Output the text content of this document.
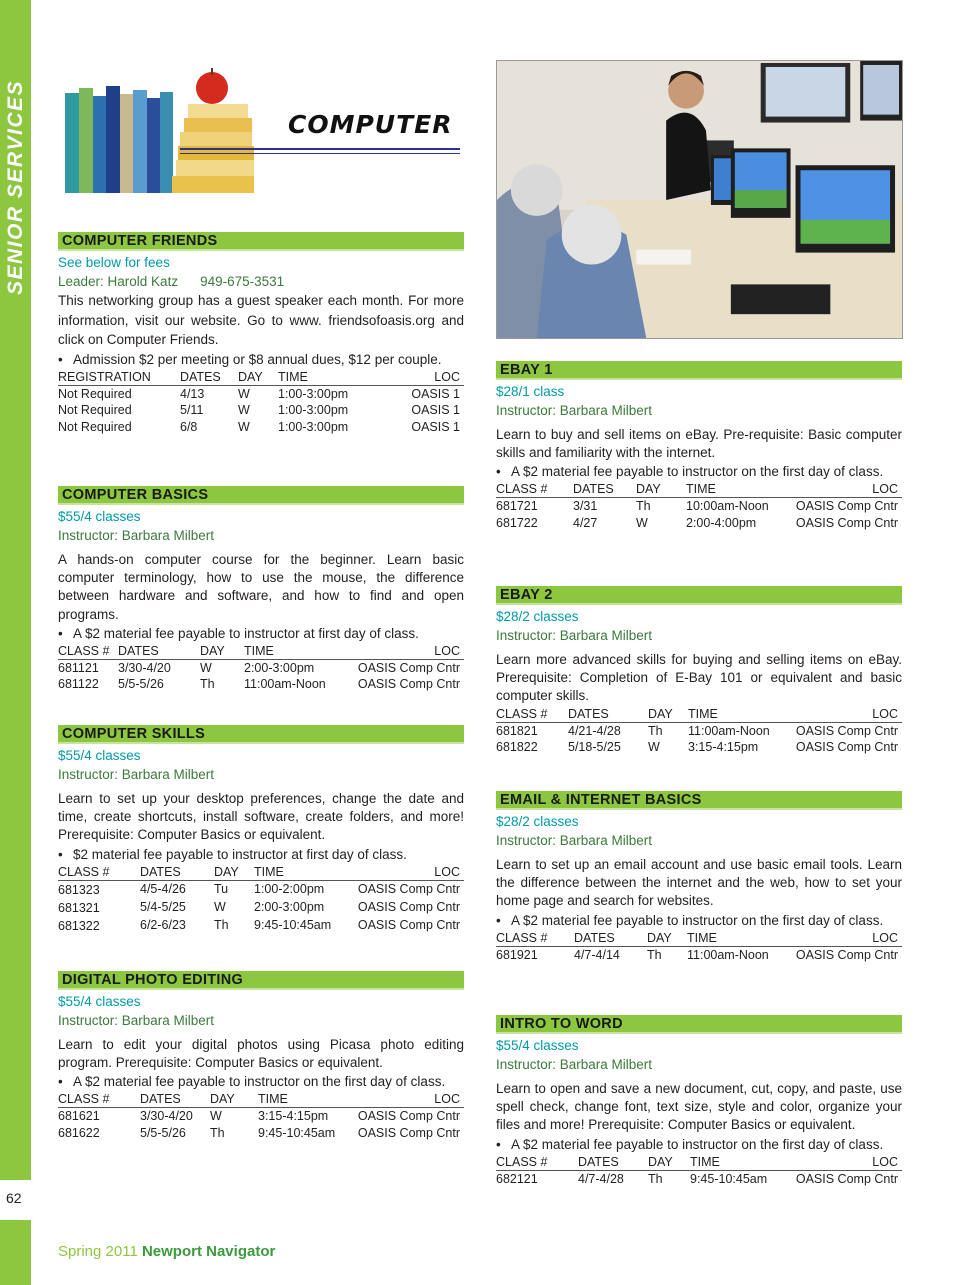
SENIOR SERVICES
62
COMPUTER
COMPUTER FRIENDS
See below for fees
Leader: Harold Katz 949-675-3531
This networking group has a guest speaker each month. For more information, visit our website. Go to www. friendsofoasis.org and click on Computer Friends.
• Admission $2 per meeting or $8 annual dues, $12 per couple.
REGISTRATION	DATES	DAY	TIME	LOC
Not Required	4/13	W	1:00-3:00pm	OASIS 1
Not Required	5/11	W	1:00-3:00pm	OASIS 1
Not Required	6/8	W	1:00-3:00pm	OASIS 1
COMPUTER BASICS
$55/4 classes
Instructor: Barbara Milbert
A hands-on computer course for the beginner. Learn basic computer terminology, how to use the mouse, the difference between hardware and software, and how to find and open programs.
• A $2 material fee payable to instructor at first day of class.
CLASS #	DATES	DAY	TIME	LOC
681121	3/30-4/20	W	2:00-3:00pm	OASIS Comp Cntr
681122	5/5-5/26	Th	11:00am-Noon	OASIS Comp Cntr
COMPUTER SKILLS
$55/4 classes
Instructor: Barbara Milbert
Learn to set up your desktop preferences, change the date and time, create shortcuts, install software, create folders, and more! Prerequisite: Computer Basics or equivalent.
• $2 material fee payable to instructor at first day of class.
CLASS #	DATES	DAY	TIME	LOC
681323	4/5-4/26	Tu	1:00-2:00pm	OASIS Comp Cntr
681321	5/4-5/25	W	2:00-3:00pm	OASIS Comp Cntr
681322	6/2-6/23	Th	9:45-10:45am	OASIS Comp Cntr
DIGITAL PHOTO EDITING
$55/4 classes
Instructor: Barbara Milbert
Learn to edit your digital photos using Picasa photo editing program. Prerequisite: Computer Basics or equivalent.
• A $2 material fee payable to instructor on the first day of class.
CLASS #	DATES	DAY	TIME	LOC
681621	3/30-4/20	W	3:15-4:15pm	OASIS Comp Cntr
681622	5/5-5/26	Th	9:45-10:45am	OASIS Comp Cntr
EBAY 1
$28/1 class
Instructor: Barbara Milbert
Learn to buy and sell items on eBay. Pre-requisite: Basic computer skills and familiarity with the internet.
• A $2 material fee payable to instructor on the first day of class.
CLASS #	DATES	DAY	TIME	LOC
681721	3/31	Th	10:00am-Noon	OASIS Comp Cntr
681722	4/27	W	2:00-4:00pm	OASIS Comp Cntr
EBAY 2
$28/2 classes
Instructor: Barbara Milbert
Learn more advanced skills for buying and selling items on eBay. Prerequisite: Completion of E-Bay 101 or equivalent and basic computer skills.
CLASS #	DATES	DAY	TIME	LOC
681821	4/21-4/28	Th	11:00am-Noon	OASIS Comp Cntr
681822	5/18-5/25	W	3:15-4:15pm	OASIS Comp Cntr
EMAIL & INTERNET BASICS
$28/2 classes
Instructor: Barbara Milbert
Learn to set up an email account and use basic email tools. Learn the difference between the internet and the web, how to set your home page and search for websites.
• A $2 material fee payable to instructor on the first day of class.
CLASS #	DATES	DAY	TIME	LOC
681921	4/7-4/14	Th	11:00am-Noon	OASIS Comp Cntr
INTRO TO WORD
$55/4 classes
Instructor: Barbara Milbert
Learn to open and save a new document, cut, copy, and paste, use spell check, change font, text size, style and color, organize your files and more! Prerequisite: Computer Basics or equivalent.
• A $2 material fee payable to instructor on the first day of class.
CLASS #	DATES	DAY	TIME	LOC
682121	4/7-4/28	Th	9:45-10:45am	OASIS Comp Cntr
Spring 2011 Newport Navigator
